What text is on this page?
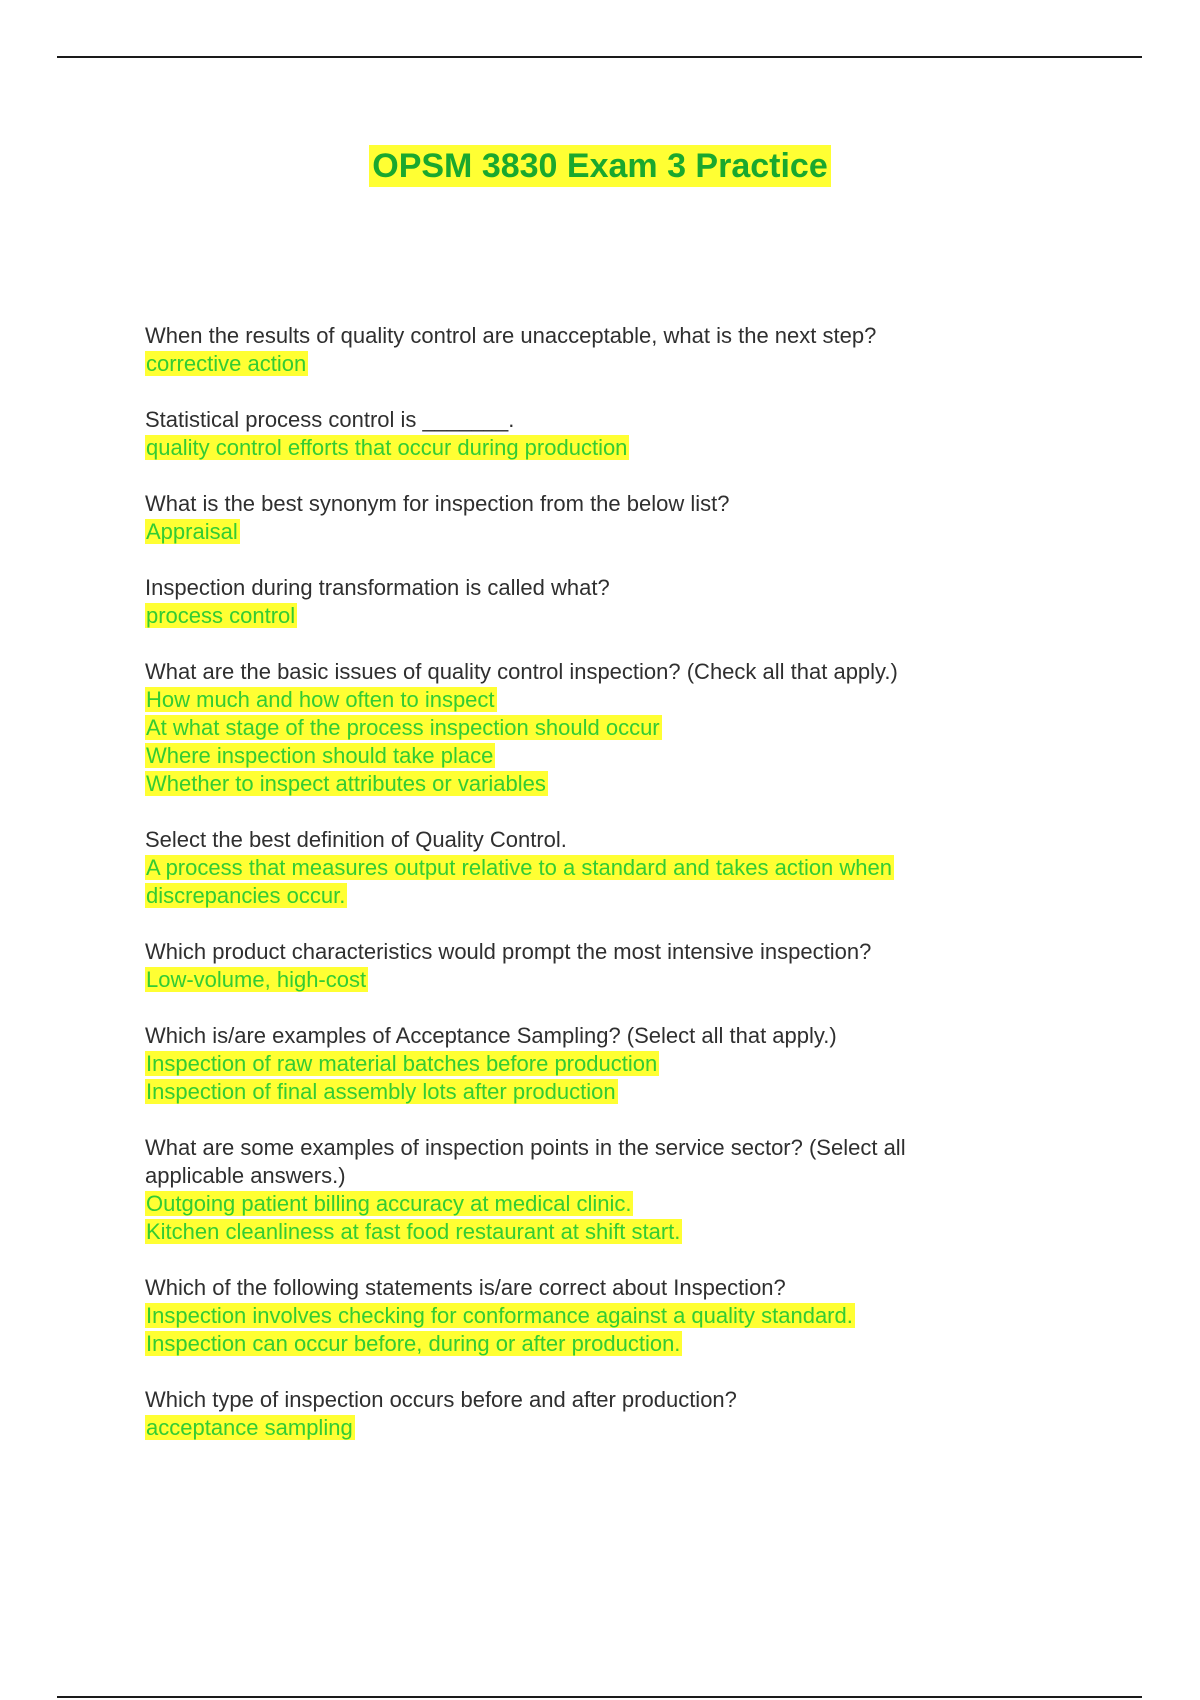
OPSM 3830 Exam 3 Practice
When the results of quality control are unacceptable, what is the next step?
corrective action
Statistical process control is _______.
quality control efforts that occur during production
What is the best synonym for inspection from the below list?
Appraisal
Inspection during transformation is called what?
process control
What are the basic issues of quality control inspection? (Check all that apply.)
How much and how often to inspect
At what stage of the process inspection should occur
Where inspection should take place
Whether to inspect attributes or variables
Select the best definition of Quality Control.
A process that measures output relative to a standard and takes action when
discrepancies occur.
Which product characteristics would prompt the most intensive inspection?
Low-volume, high-cost
Which is/are examples of Acceptance Sampling? (Select all that apply.)
Inspection of raw material batches before production
Inspection of final assembly lots after production
What are some examples of inspection points in the service sector? (Select all applicable answers.)
Outgoing patient billing accuracy at medical clinic.
Kitchen cleanliness at fast food restaurant at shift start.
Which of the following statements is/are correct about Inspection?
Inspection involves checking for conformance against a quality standard.
Inspection can occur before, during or after production.
Which type of inspection occurs before and after production?
acceptance sampling
